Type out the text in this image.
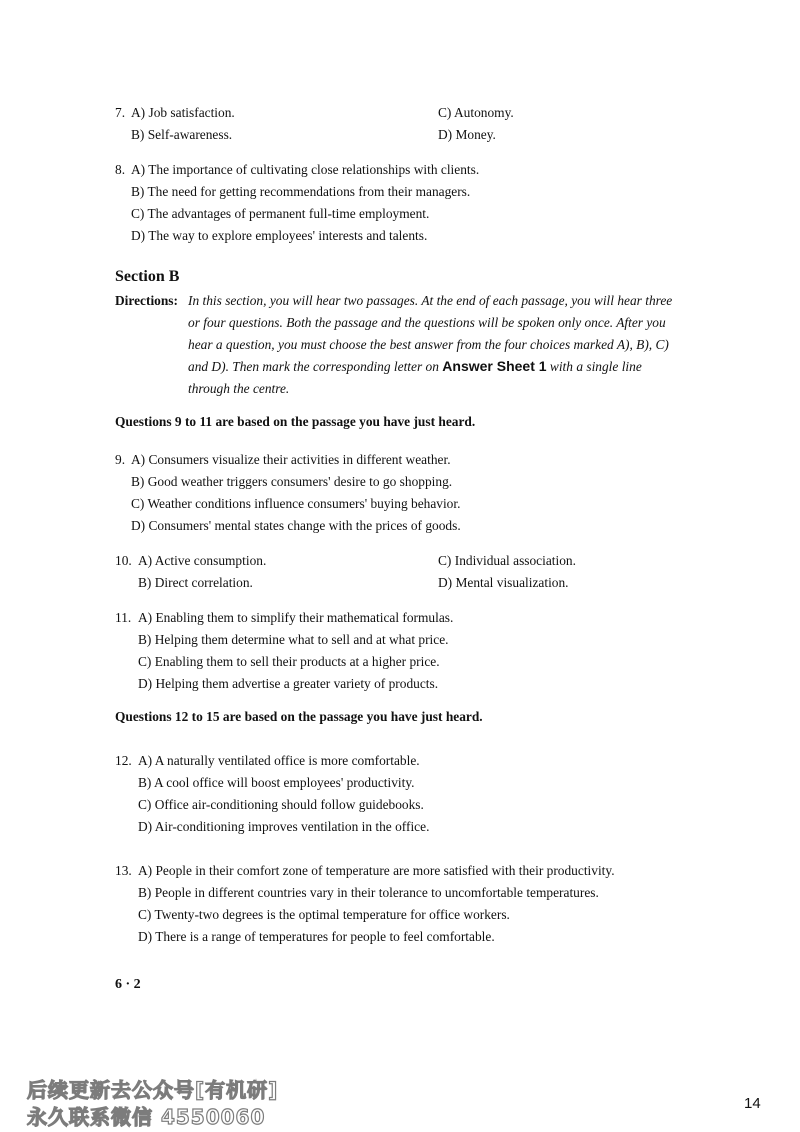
7. A) Job satisfaction.
B) Self-awareness.
C) Autonomy.
D) Money.
8. A) The importance of cultivating close relationships with clients.
B) The need for getting recommendations from their managers.
C) The advantages of permanent full-time employment.
D) The way to explore employees' interests and talents.
Section B
Directions: In this section, you will hear two passages. At the end of each passage, you will hear three
or four questions. Both the passage and the questions will be spoken only once. After you
hear a question, you must choose the best answer from the four choices marked A), B), C)
and D). Then mark the corresponding letter on Answer Sheet 1 with a single line
through the centre.
Questions 9 to 11 are based on the passage you have just heard.
9. A) Consumers visualize their activities in different weather.
B) Good weather triggers consumers' desire to go shopping.
C) Weather conditions influence consumers' buying behavior.
D) Consumers' mental states change with the prices of goods.
10. A) Active consumption.
B) Direct correlation.
C) Individual association.
D) Mental visualization.
11. A) Enabling them to simplify their mathematical formulas.
B) Helping them determine what to sell and at what price.
C) Enabling them to sell their products at a higher price.
D) Helping them advertise a greater variety of products.
Questions 12 to 15 are based on the passage you have just heard.
12. A) A naturally ventilated office is more comfortable.
B) A cool office will boost employees' productivity.
C) Office air-conditioning should follow guidebooks.
D) Air-conditioning improves ventilation in the office.
13. A) People in their comfort zone of temperature are more satisfied with their productivity.
B) People in different countries vary in their tolerance to uncomfortable temperatures.
C) Twenty-two degrees is the optimal temperature for office workers.
D) There is a range of temperatures for people to feel comfortable.
6 · 2
后续更新去公众号[有机研]
永久联系微信 4550060
14
